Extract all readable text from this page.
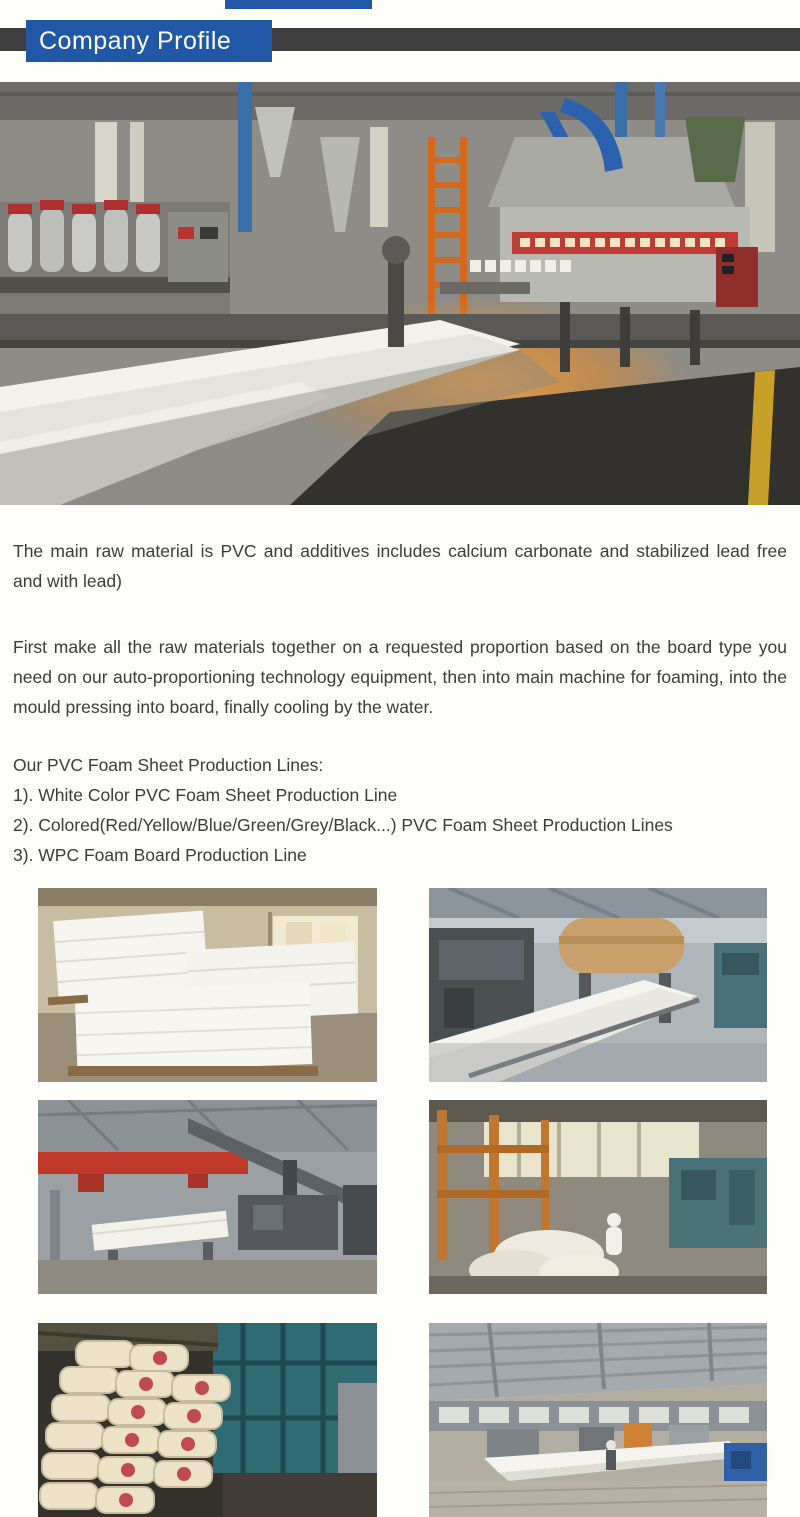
Company Profile

The main raw material is PVC and additives includes calcium carbonate and stabilized lead free and with lead)

First make all the raw materials together on a requested proportion based on the board type you need on our auto-proportioning technology equipment, then into main machine for foaming, into the mould pressing into board, finally cooling by the water.

Our PVC Foam Sheet Production Lines:
1). White Color PVC Foam Sheet Production Line
2). Colored(Red/Yellow/Blue/Green/Grey/Black...) PVC Foam Sheet Production Lines
3). WPC Foam Board Production Line
